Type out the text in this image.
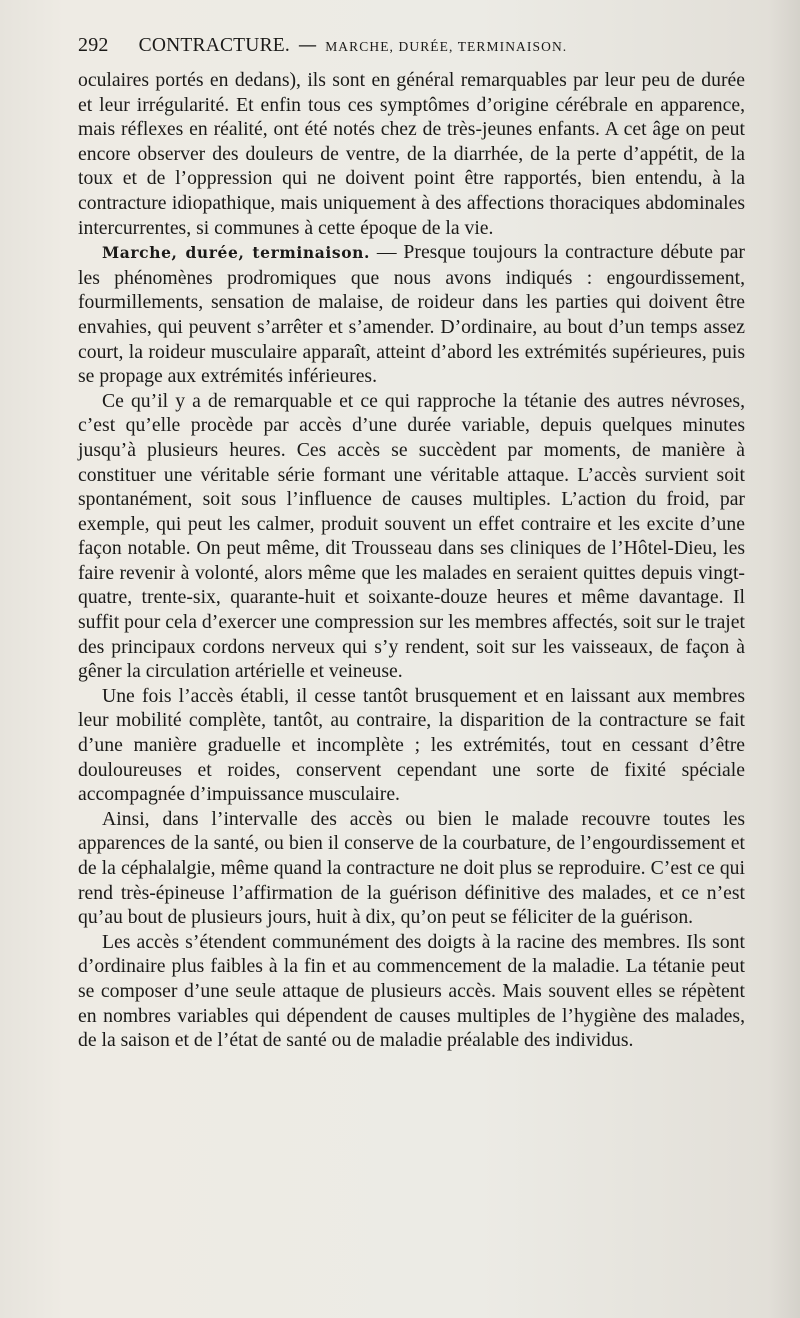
292 CONTRACTURE. — MARCHE, DURÉE, TERMINAISON.

oculaires portés en dedans), ils sont en général remarquables par leur peu de durée et leur irrégularité. Et enfin tous ces symptômes d’origine cérébrale en apparence, mais réflexes en réalité, ont été notés chez de très-jeunes enfants. A cet âge on peut encore observer des douleurs de ventre, de la diarrhée, de la perte d’appétit, de la toux et de l’oppression qui ne doivent point être rapportés, bien entendu, à la contracture idiopathique, mais uniquement à des affections thoraciques abdominales intercurrentes, si communes à cette époque de la vie.

Marche, durée, terminaison. — Presque toujours la contracture débute par les phénomènes prodromiques que nous avons indiqués : engourdissement, fourmillements, sensation de malaise, de roideur dans les parties qui doivent être envahies, qui peuvent s’arrêter et s’amender. D’ordinaire, au bout d’un temps assez court, la roideur musculaire apparaît, atteint d’abord les extrémités supérieures, puis se propage aux extrémités inférieures.

Ce qu’il y a de remarquable et ce qui rapproche la tétanie des autres névroses, c’est qu’elle procède par accès d’une durée variable, depuis quelques minutes jusqu’à plusieurs heures. Ces accès se succèdent par moments, de manière à constituer une véritable série formant une véritable attaque. L’accès survient soit spontanément, soit sous l’influence de causes multiples. L’action du froid, par exemple, qui peut les calmer, produit souvent un effet contraire et les excite d’une façon notable. On peut même, dit Trousseau dans ses cliniques de l’Hôtel-Dieu, les faire revenir à volonté, alors même que les malades en seraient quittes depuis vingt-quatre, trente-six, quarante-huit et soixante-douze heures et même davantage. Il suffit pour cela d’exercer une compression sur les membres affectés, soit sur le trajet des principaux cordons nerveux qui s’y rendent, soit sur les vaisseaux, de façon à gêner la circulation artérielle et veineuse.

Une fois l’accès établi, il cesse tantôt brusquement et en laissant aux membres leur mobilité complète, tantôt, au contraire, la disparition de la contracture se fait d’une manière graduelle et incomplète ; les extrémités, tout en cessant d’être douloureuses et roides, conservent cependant une sorte de fixité spéciale accompagnée d’impuissance musculaire.

Ainsi, dans l’intervalle des accès ou bien le malade recouvre toutes les apparences de la santé, ou bien il conserve de la courbature, de l’engourdissement et de la céphalalgie, même quand la contracture ne doit plus se reproduire. C’est ce qui rend très-épineuse l’affirmation de la guérison définitive des malades, et ce n’est qu’au bout de plusieurs jours, huit à dix, qu’on peut se féliciter de la guérison.

Les accès s’étendent communément des doigts à la racine des membres. Ils sont d’ordinaire plus faibles à la fin et au commencement de la maladie. La tétanie peut se composer d’une seule attaque de plusieurs accès. Mais souvent elles se répètent en nombres variables qui dépendent de causes multiples de l’hygiène des malades, de la saison et de l’état de santé ou de maladie préalable des individus.
